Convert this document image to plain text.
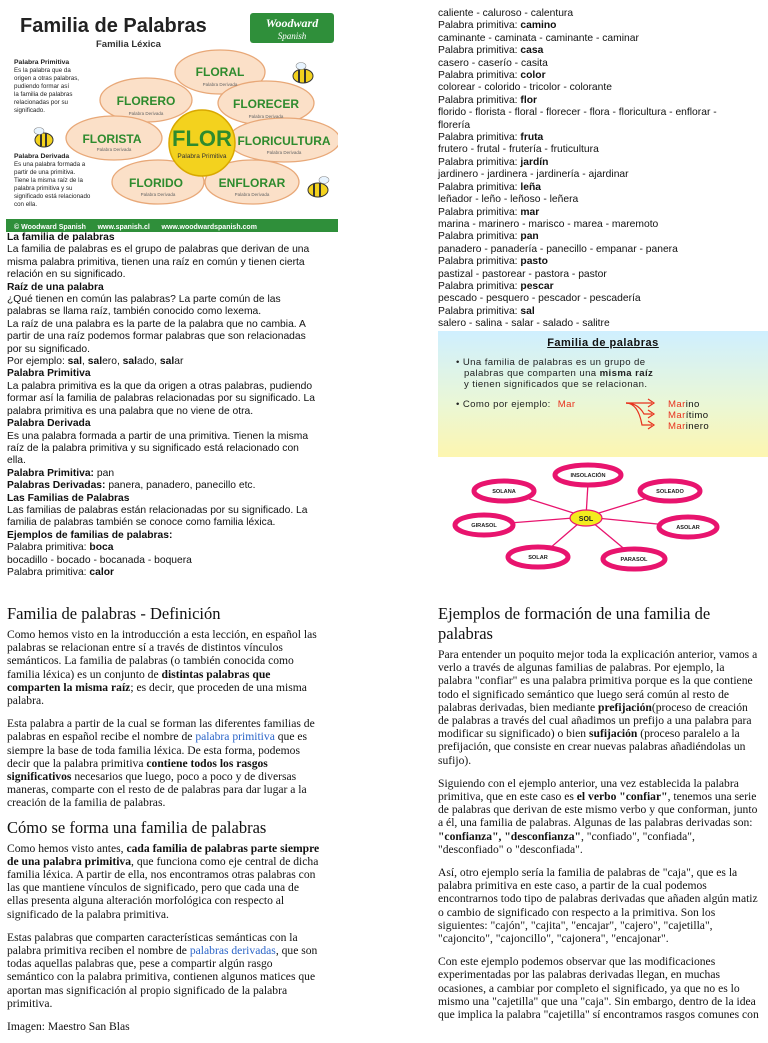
Familia de Palabras
Familia Léxica
Woodward
Spanish
FLOR
Palabra Primitiva
FLORAL
FLORERO	FLORECER
FLORISTA	FLORICULTURA
FLORIDO	ENFLORAR
Palabra Derivada
Palabra Derivada
Palabra Derivada
Palabra Derivada
Palabra Derivada
Palabra Derivada	Palabra Derivada
Palabra Primitiva
Es la palabra que da
origen a otras palabras,
pudiendo formar así
la familia de palabras
relacionadas por su
significado.
Palabra Derivada
Es una palabra formada a
partir de una primitiva.
Tiene la misma raíz de la
palabra primitiva y su
significado está relacionado
con ella.
© Woodward Spanish      www.spanish.cl      www.woodwardspanish.com

La familia de palabras

La familia de palabras es el grupo de palabras que derivan de una

misma palabra primitiva, tienen una raíz en común y tienen cierta

relación en su significado.

Raíz de una palabra

¿Qué tienen en común las palabras? La parte común de las

palabras se llama raíz, también conocido como lexema.

La raíz de una palabra es la parte de la palabra que no cambia. A

partir de una raíz podemos formar palabras que son relacionadas

por su significado.

Por ejemplo: sal, salero, salado, salar

Palabra Primitiva

La palabra primitiva es la que da origen a otras palabras, pudiendo

formar así la familia de palabras relacionadas por su significado. La

palabra primitiva es una palabra que no viene de otra.

Palabra Derivada

Es una palabra formada a partir de una primitiva. Tienen la misma

raíz de la palabra primitiva y su significado está relacionado con

ella.

Palabra Primitiva: pan

Palabras Derivadas: panera, panadero, panecillo etc.

Las Familias de Palabras

Las familias de palabras están relacionadas por su significado. La

familia de palabras también se conoce como familia léxica.

Ejemplos de familias de palabras:

Palabra primitiva: boca

bocadillo - bocado - bocanada - boquera

Palabra primitiva: calor

caliente - caluroso - calentura

Palabra primitiva: camino

caminante - caminata - caminante - caminar

Palabra primitiva: casa

casero - caserío - casita

Palabra primitiva: color

colorear - colorido - tricolor - colorante

Palabra primitiva: flor

florido - florista - floral - florecer - flora - floricultura - enflorar -

florería

Palabra primitiva: fruta

frutero - frutal - frutería - fruticultura

Palabra primitiva: jardín

jardinero - jardinera - jardinería - ajardinar

Palabra primitiva: leña

leñador - leño - leñoso - leñera

Palabra primitiva: mar

marina - marinero - marisco - marea - maremoto

Palabra primitiva: pan

panadero - panadería - panecillo - empanar - panera

Palabra primitiva: pasto

pastizal - pastorear - pastora - pastor

Palabra primitiva: pescar

pescado - pesquero - pescador - pescadería

Palabra primitiva: sal

salero - salina - salar - salado - salitre

Familia de palabras
• Una familia de palabras es un grupo de
palabras que comparten una misma raíz
y tienen significados que se relacionan.
• Como por ejemplo: Mar	Marino
Marítimo
Marinero
SOL
INSOLACIÓN
SOLEADO
ASOLAR
PARASOL
SOLAR
GIRASOL
SOLANA
Familia de palabras - Definición

Como hemos visto en la introducción a esta lección, en español las palabras se relacionan entre sí a través de distintos vínculos semánticos. La familia de palabras (o también conocida como familia léxica) es un conjunto de distintas palabras que comparten la misma raíz; es decir, que proceden de una misma palabra.

Esta palabra a partir de la cual se forman las diferentes familias de palabras en español recibe el nombre de palabra primitiva que es siempre la base de toda familia léxica. De esta forma, podemos decir que la palabra primitiva contiene todos los rasgos significativos necesarios que luego, poco a poco y de diversas maneras, comparte con el resto de de palabras para dar lugar a la creación de la familia de palabras.

Cómo se forma una familia de palabras

Como hemos visto antes, cada familia de palabras parte siempre de una palabra primitiva, que funciona como eje central de dicha familia léxica. A partir de ella, nos encontramos otras palabras con las que mantiene vínculos de significado, pero que cada una de ellas presenta alguna alteración morfológica con respecto al significado de la palabra primitiva.

Estas palabras que comparten características semánticas con la palabra primitiva reciben el nombre de palabras derivadas, que son todas aquellas palabras que, pese a compartir algún rasgo semántico con la palabra primitiva, contienen algunos matices que aportan mas significación al propio significado de la palabra primitiva.

Imagen: Maestro San Blas

Ejemplos de formación de una familia de palabras

Para entender un poquito mejor toda la explicación anterior, vamos a verlo a través de algunas familias de palabras. Por ejemplo, la palabra "confiar" es una palabra primitiva porque es la que contiene todo el significado semántico que luego será común al resto de palabras derivadas, bien mediante prefijación(proceso de creación de palabras a través del cual añadimos un prefijo a una palabra para modificar su significado) o bien sufijación (proceso paralelo a la prefijación, que consiste en crear nuevas palabras añadiéndolas un sufijo).

Siguiendo con el ejemplo anterior, una vez establecida la palabra primitiva, que en este caso es el verbo "confiar", tenemos una serie de palabras que derivan de este mismo verbo y que conforman, junto a él, una familia de palabras. Algunas de las palabras derivadas son: "confianza", "desconfianza", "confiado", "confiada", "desconfiado" o "desconfiada".

Así, otro ejemplo sería la familia de palabras de "caja", que es la palabra primitiva en este caso, a partir de la cual podemos encontrarnos todo tipo de palabras derivadas que añaden algún matiz o cambio de significado con respecto a la primitiva. Son los siguientes: "cajón", "cajita", "encajar", "cajero", "cajetilla", "cajoncito", "cajoncillo", "cajonera", "encajonar".

Con este ejemplo podemos observar que las modificaciones experimentadas por las palabras derivadas llegan, en muchas ocasiones, a cambiar por completo el significado, ya que no es lo mismo una "cajetilla" que una "caja". Sin embargo, dentro de la idea que implica la palabra "cajetilla" sí encontramos rasgos comunes con
